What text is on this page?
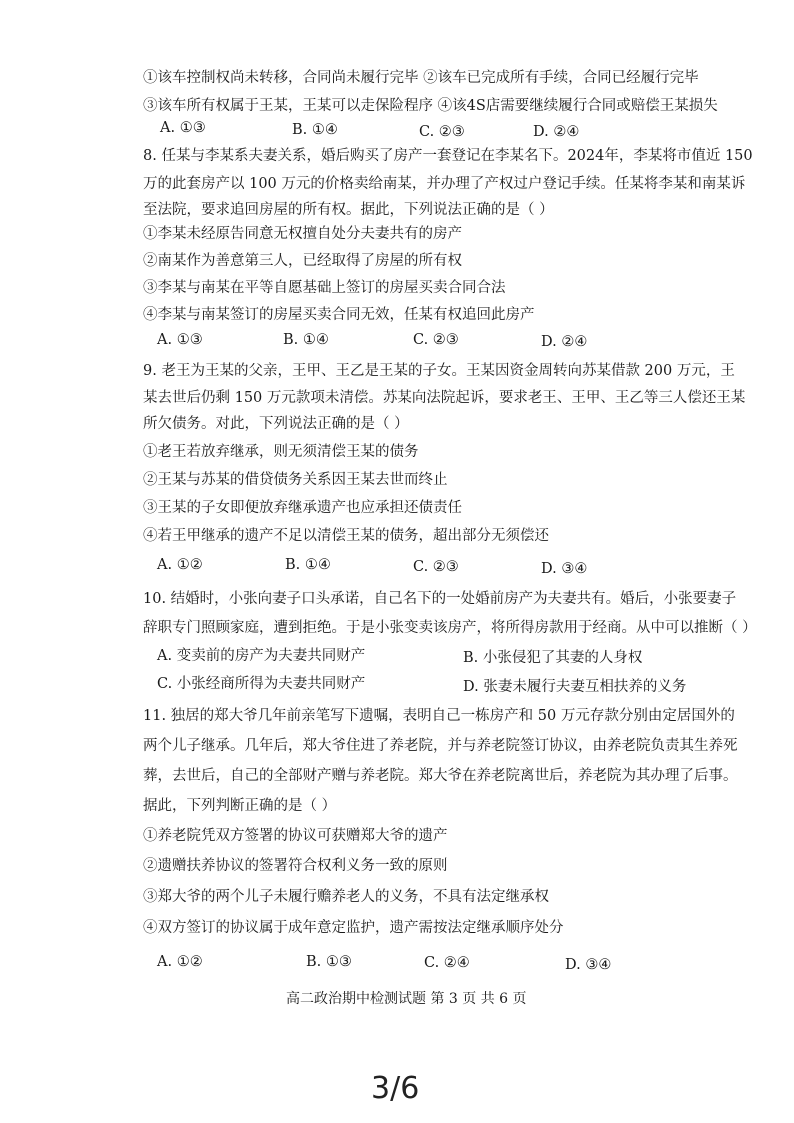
①该车控制权尚未转移，合同尚未履行完毕 ②该车已完成所有手续，合同已经履行完毕
③该车所有权属于王某，王某可以走保险程序 ④该4S店需要继续履行合同或赔偿王某损失
A. ①③	B. ①④	C. ②③	D. ②④
8. 任某与李某系夫妻关系，婚后购买了房产一套登记在李某名下。2024年，李某将市值近 150
万的此套房产以 100 万元的价格卖给南某，并办理了产权过户登记手续。任某将李某和南某诉
至法院，要求追回房屋的所有权。据此，下列说法正确的是（ ）
①李某未经原告同意无权擅自处分夫妻共有的房产
②南某作为善意第三人，已经取得了房屋的所有权
③李某与南某在平等自愿基础上签订的房屋买卖合同合法
④李某与南某签订的房屋买卖合同无效，任某有权追回此房产
A. ①③	B. ①④	C. ②③	D. ②④
9. 老王为王某的父亲，王甲、王乙是王某的子女。王某因资金周转向苏某借款 200 万元，王
某去世后仍剩 150 万元款项未清偿。苏某向法院起诉，要求老王、王甲、王乙等三人偿还王某
所欠债务。对此，下列说法正确的是（ ）
①老王若放弃继承，则无须清偿王某的债务
②王某与苏某的借贷债务关系因王某去世而终止
③王某的子女即便放弃继承遗产也应承担还债责任
④若王甲继承的遗产不足以清偿王某的债务，超出部分无须偿还
A. ①②	B. ①④	C. ②③	D. ③④
10. 结婚时，小张向妻子口头承诺，自己名下的一处婚前房产为夫妻共有。婚后，小张要妻子
辞职专门照顾家庭，遭到拒绝。于是小张变卖该房产，将所得房款用于经商。从中可以推断（ ）
A. 变卖前的房产为夫妻共同财产	B. 小张侵犯了其妻的人身权
C. 小张经商所得为夫妻共同财产	D. 张妻未履行夫妻互相扶养的义务
11. 独居的郑大爷几年前亲笔写下遗嘱，表明自己一栋房产和 50 万元存款分别由定居国外的
两个儿子继承。几年后，郑大爷住进了养老院，并与养老院签订协议，由养老院负责其生养死
葬，去世后，自己的全部财产赠与养老院。郑大爷在养老院离世后，养老院为其办理了后事。
据此，下列判断正确的是（ ）
①养老院凭双方签署的协议可获赠郑大爷的遗产
②遗赠扶养协议的签署符合权利义务一致的原则
③郑大爷的两个儿子未履行赡养老人的义务，不具有法定继承权
④双方签订的协议属于成年意定监护，遗产需按法定继承顺序处分
A. ①②	B. ①③	C. ②④	D. ③④
高二政治期中检测试题 第 3 页 共 6 页
3/6
